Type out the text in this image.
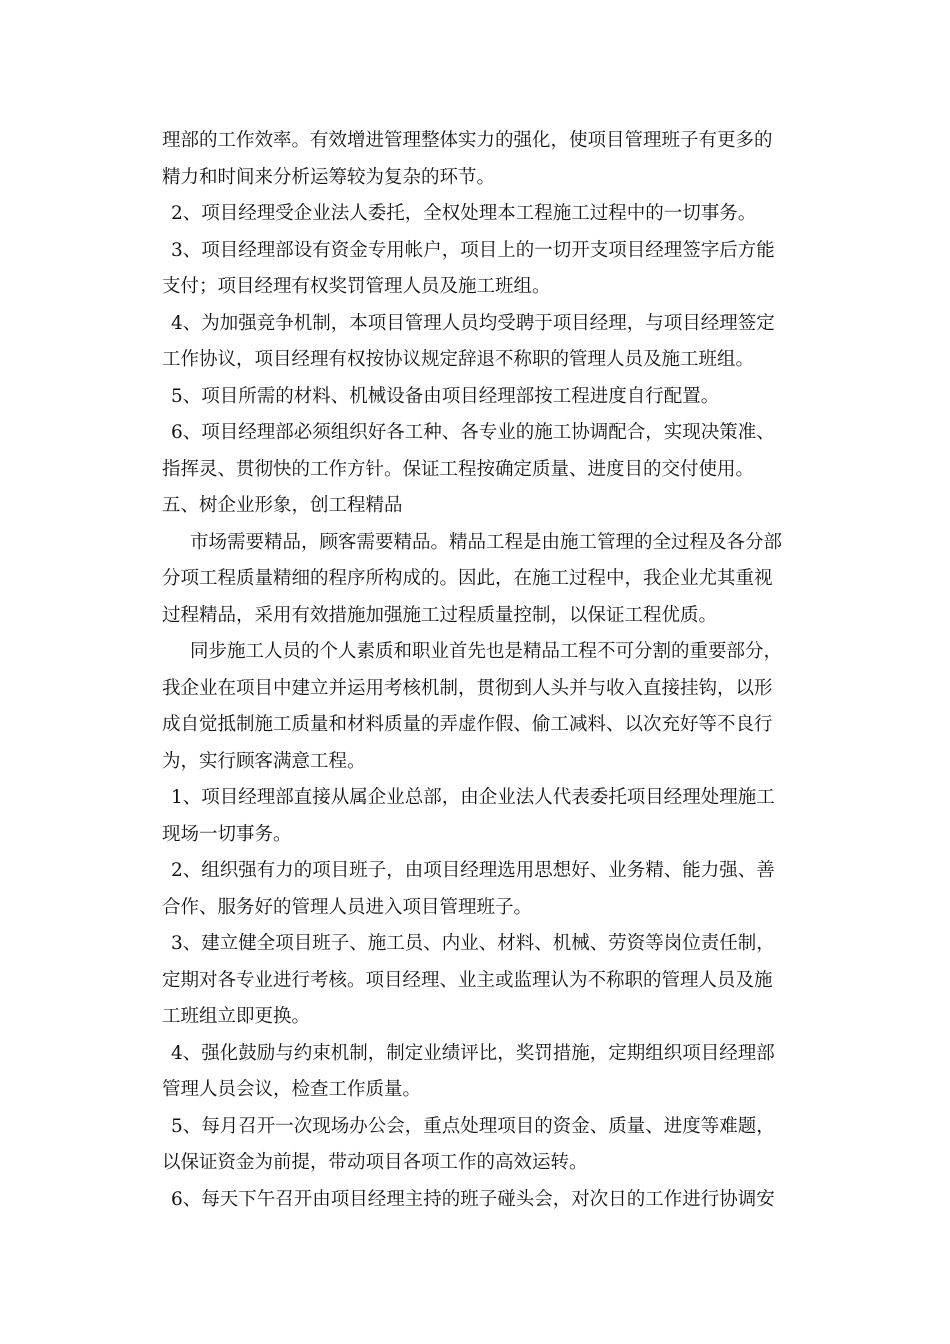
理部的工作效率。有效增进管理整体实力的强化，使项目管理班子有更多的
精力和时间来分析运筹较为复杂的环节。
2、项目经理受企业法人委托，全权处理本工程施工过程中的一切事务。
3、项目经理部设有资金专用帐户，项目上的一切开支项目经理签字后方能
支付；项目经理有权奖罚管理人员及施工班组。
4、为加强竞争机制，本项目管理人员均受聘于项目经理，与项目经理签定
工作协议，项目经理有权按协议规定辞退不称职的管理人员及施工班组。
5、项目所需的材料、机械设备由项目经理部按工程进度自行配置。
6、项目经理部必须组织好各工种、各专业的施工协调配合，实现决策准、
指挥灵、贯彻快的工作方针。保证工程按确定质量、进度目的交付使用。
五、树企业形象，创工程精品
市场需要精品，顾客需要精品。精品工程是由施工管理的全过程及各分部
分项工程质量精细的程序所构成的。因此，在施工过程中，我企业尤其重视
过程精品，采用有效措施加强施工过程质量控制，以保证工程优质。
同步施工人员的个人素质和职业首先也是精品工程不可分割的重要部分，
我企业在项目中建立并运用考核机制，贯彻到人头并与收入直接挂钩，以形
成自觉抵制施工质量和材料质量的弄虚作假、偷工减料、以次充好等不良行
为，实行顾客满意工程。
1、项目经理部直接从属企业总部，由企业法人代表委托项目经理处理施工
现场一切事务。
2、组织强有力的项目班子，由项目经理选用思想好、业务精、能力强、善
合作、服务好的管理人员进入项目管理班子。
3、建立健全项目班子、施工员、内业、材料、机械、劳资等岗位责任制，
定期对各专业进行考核。项目经理、业主或监理认为不称职的管理人员及施
工班组立即更换。
4、强化鼓励与约束机制，制定业绩评比，奖罚措施，定期组织项目经理部
管理人员会议，检查工作质量。
5、每月召开一次现场办公会，重点处理项目的资金、质量、进度等难题，
以保证资金为前提，带动项目各项工作的高效运转。
6、每天下午召开由项目经理主持的班子碰头会，对次日的工作进行协调安
